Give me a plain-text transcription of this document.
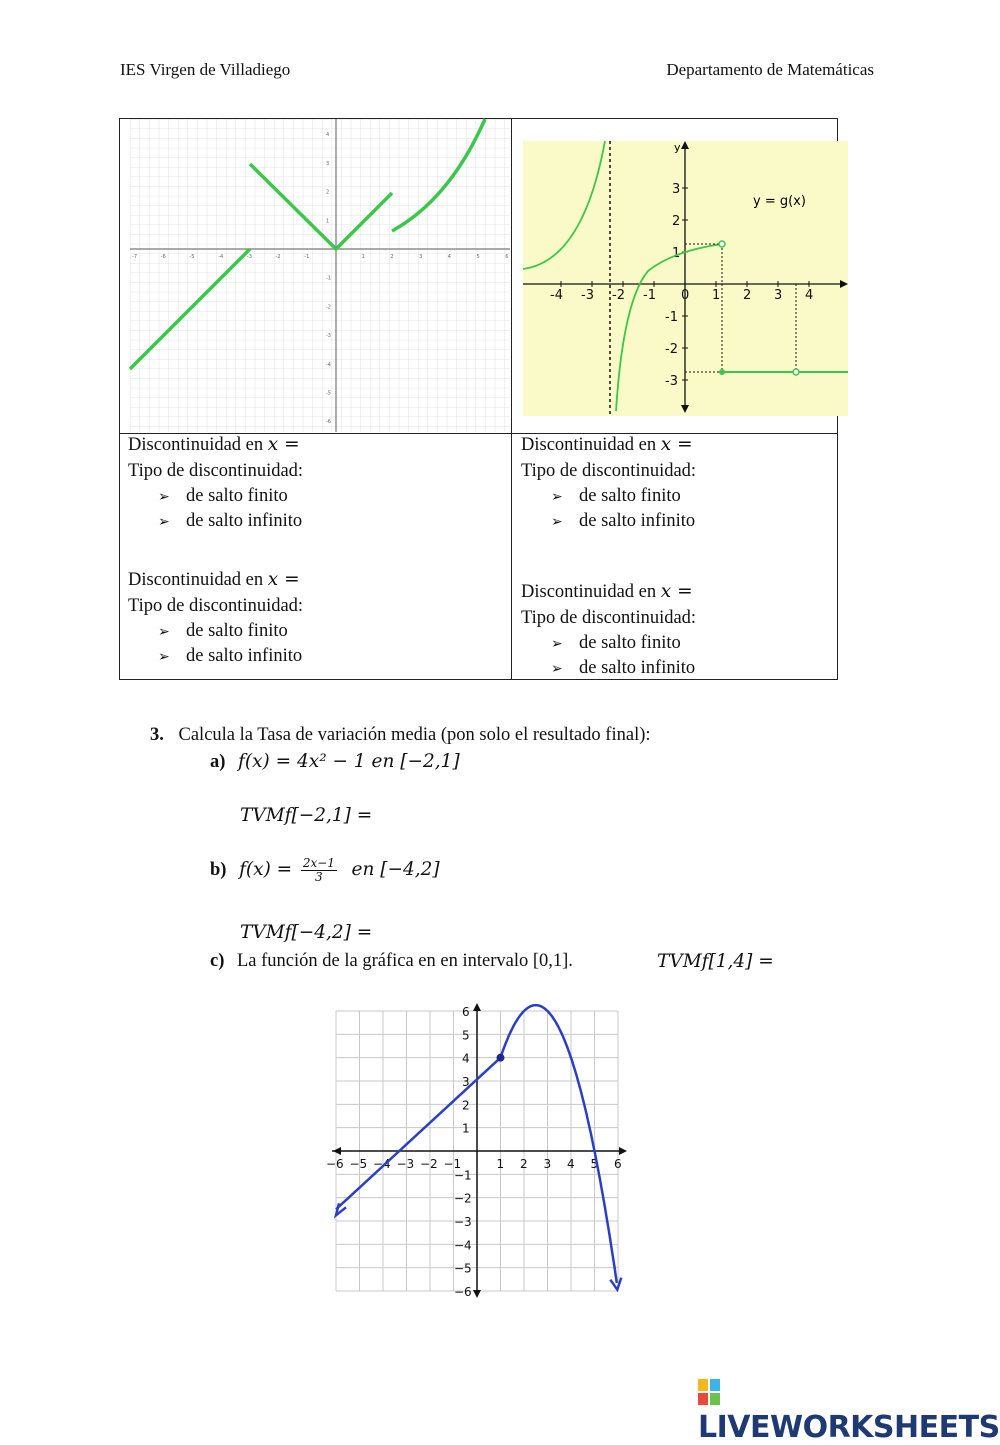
IES Virgen de Villadiego	Departamento de Matemáticas
-7	-6	-5	-4	-3	-2	-1	1	2	3	4	5	6
4
3
2
1
-1
-2
-3
-4
-5
-6
-4 -3 -2 -1 0 1 2 3 4
3
2
1
-1
-2
-3
y
y = g(x)
Discontinuidad en x =
Tipo de discontinuidad:
➢ de salto finito
➢ de salto infinito
Discontinuidad en x =
Tipo de discontinuidad:
➢ de salto finito
➢ de salto infinito
Discontinuidad en x =
Tipo de discontinuidad:
➢ de salto finito
➢ de salto infinito
Discontinuidad en x =
Tipo de discontinuidad:
➢ de salto finito
➢ de salto infinito
3. Calcula la Tasa de variación media (pon solo el resultado final):
a) f(x) = 4x² − 1 en [−2,1]
TVMf[−2,1] =
b) $f(x) = \frac{2x-1}{3}$ en [−4,2]
TVMf[−4,2] =
c) La función de la gráfica en en intervalo [0,1].	TVMf[1,4] =
−6 −5 −4 −3 −2 −1	1 2 3 4 5 6
6
5
4
3
2
1
−1
−2
−3
−4
−5
−6
LIVEWORKSHEETS
